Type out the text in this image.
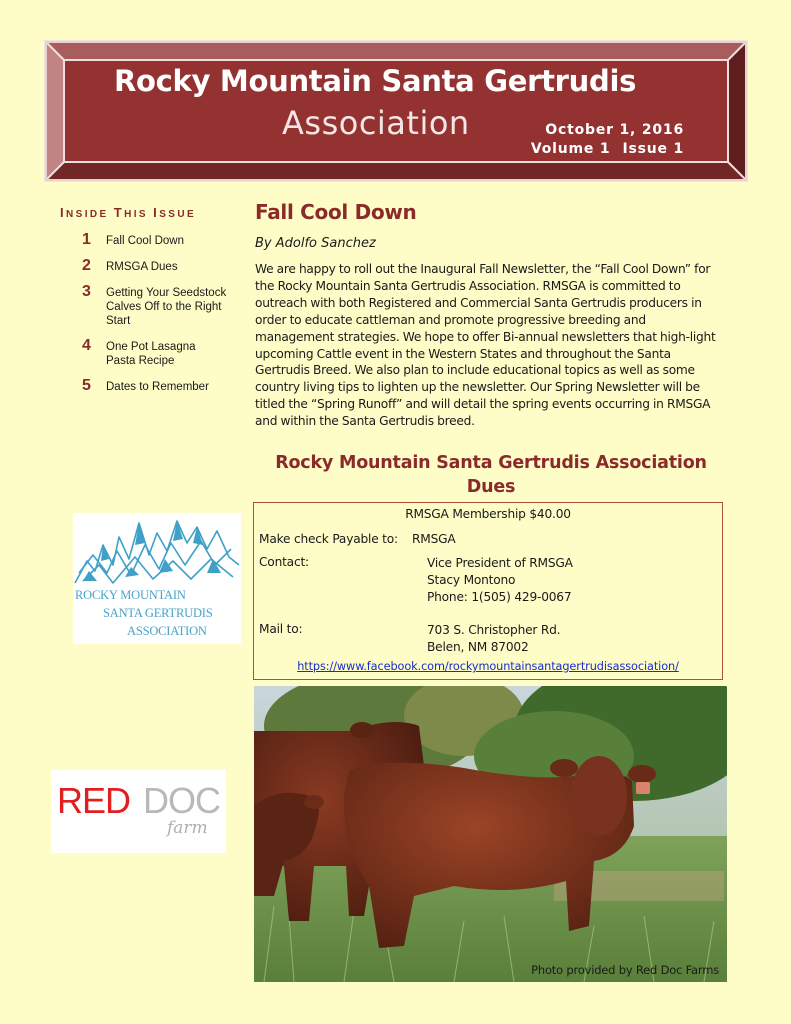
Rocky Mountain Santa Gertrudis
Association	October 1, 2016
Volume 1 Issue 1
INSIDE THIS ISSUE
1	Fall Cool Down
2	RMSGA Dues
3	Getting Your Seedstock Calves Off to the Right Start
4	One Pot Lasagna Pasta Recipe
5	Dates to Remember
ROCKY MOUNTAIN
SANTA GERTRUDIS
ASSOCIATION
RED DOC
farm
Fall Cool Down
By Adolfo Sanchez

We are happy to roll out the Inaugural Fall Newsletter, the “Fall Cool Down” for the Rocky Mountain Santa Gertrudis Association. RMSGA is committed to outreach with both Registered and Commercial Santa Gertrudis producers in order to educate cattleman and promote progressive breeding and management strategies. We hope to offer Bi-annual newsletters that high-light upcoming Cattle event in the Western States and throughout the Santa Gertrudis Breed. We also plan to include educational topics as well as some country living tips to lighten up the newsletter. Our Spring Newsletter will be titled the “Spring Runoff” and will detail the spring events occurring in RMSGA and within the Santa Gertrudis breed.

Rocky Mountain Santa Gertrudis Association Dues
RMSGA Membership $40.00
Make check Payable to: RMSGA
Contact:	Vice President of RMSGA
Stacy Montono
Phone: 1(505) 429-0067
Mail to:	703 S. Christopher Rd.
Belen, NM 87002
https://www.facebook.com/rockymountainsantagertrudisassociation/
Photo provided by Red Doc Farms
